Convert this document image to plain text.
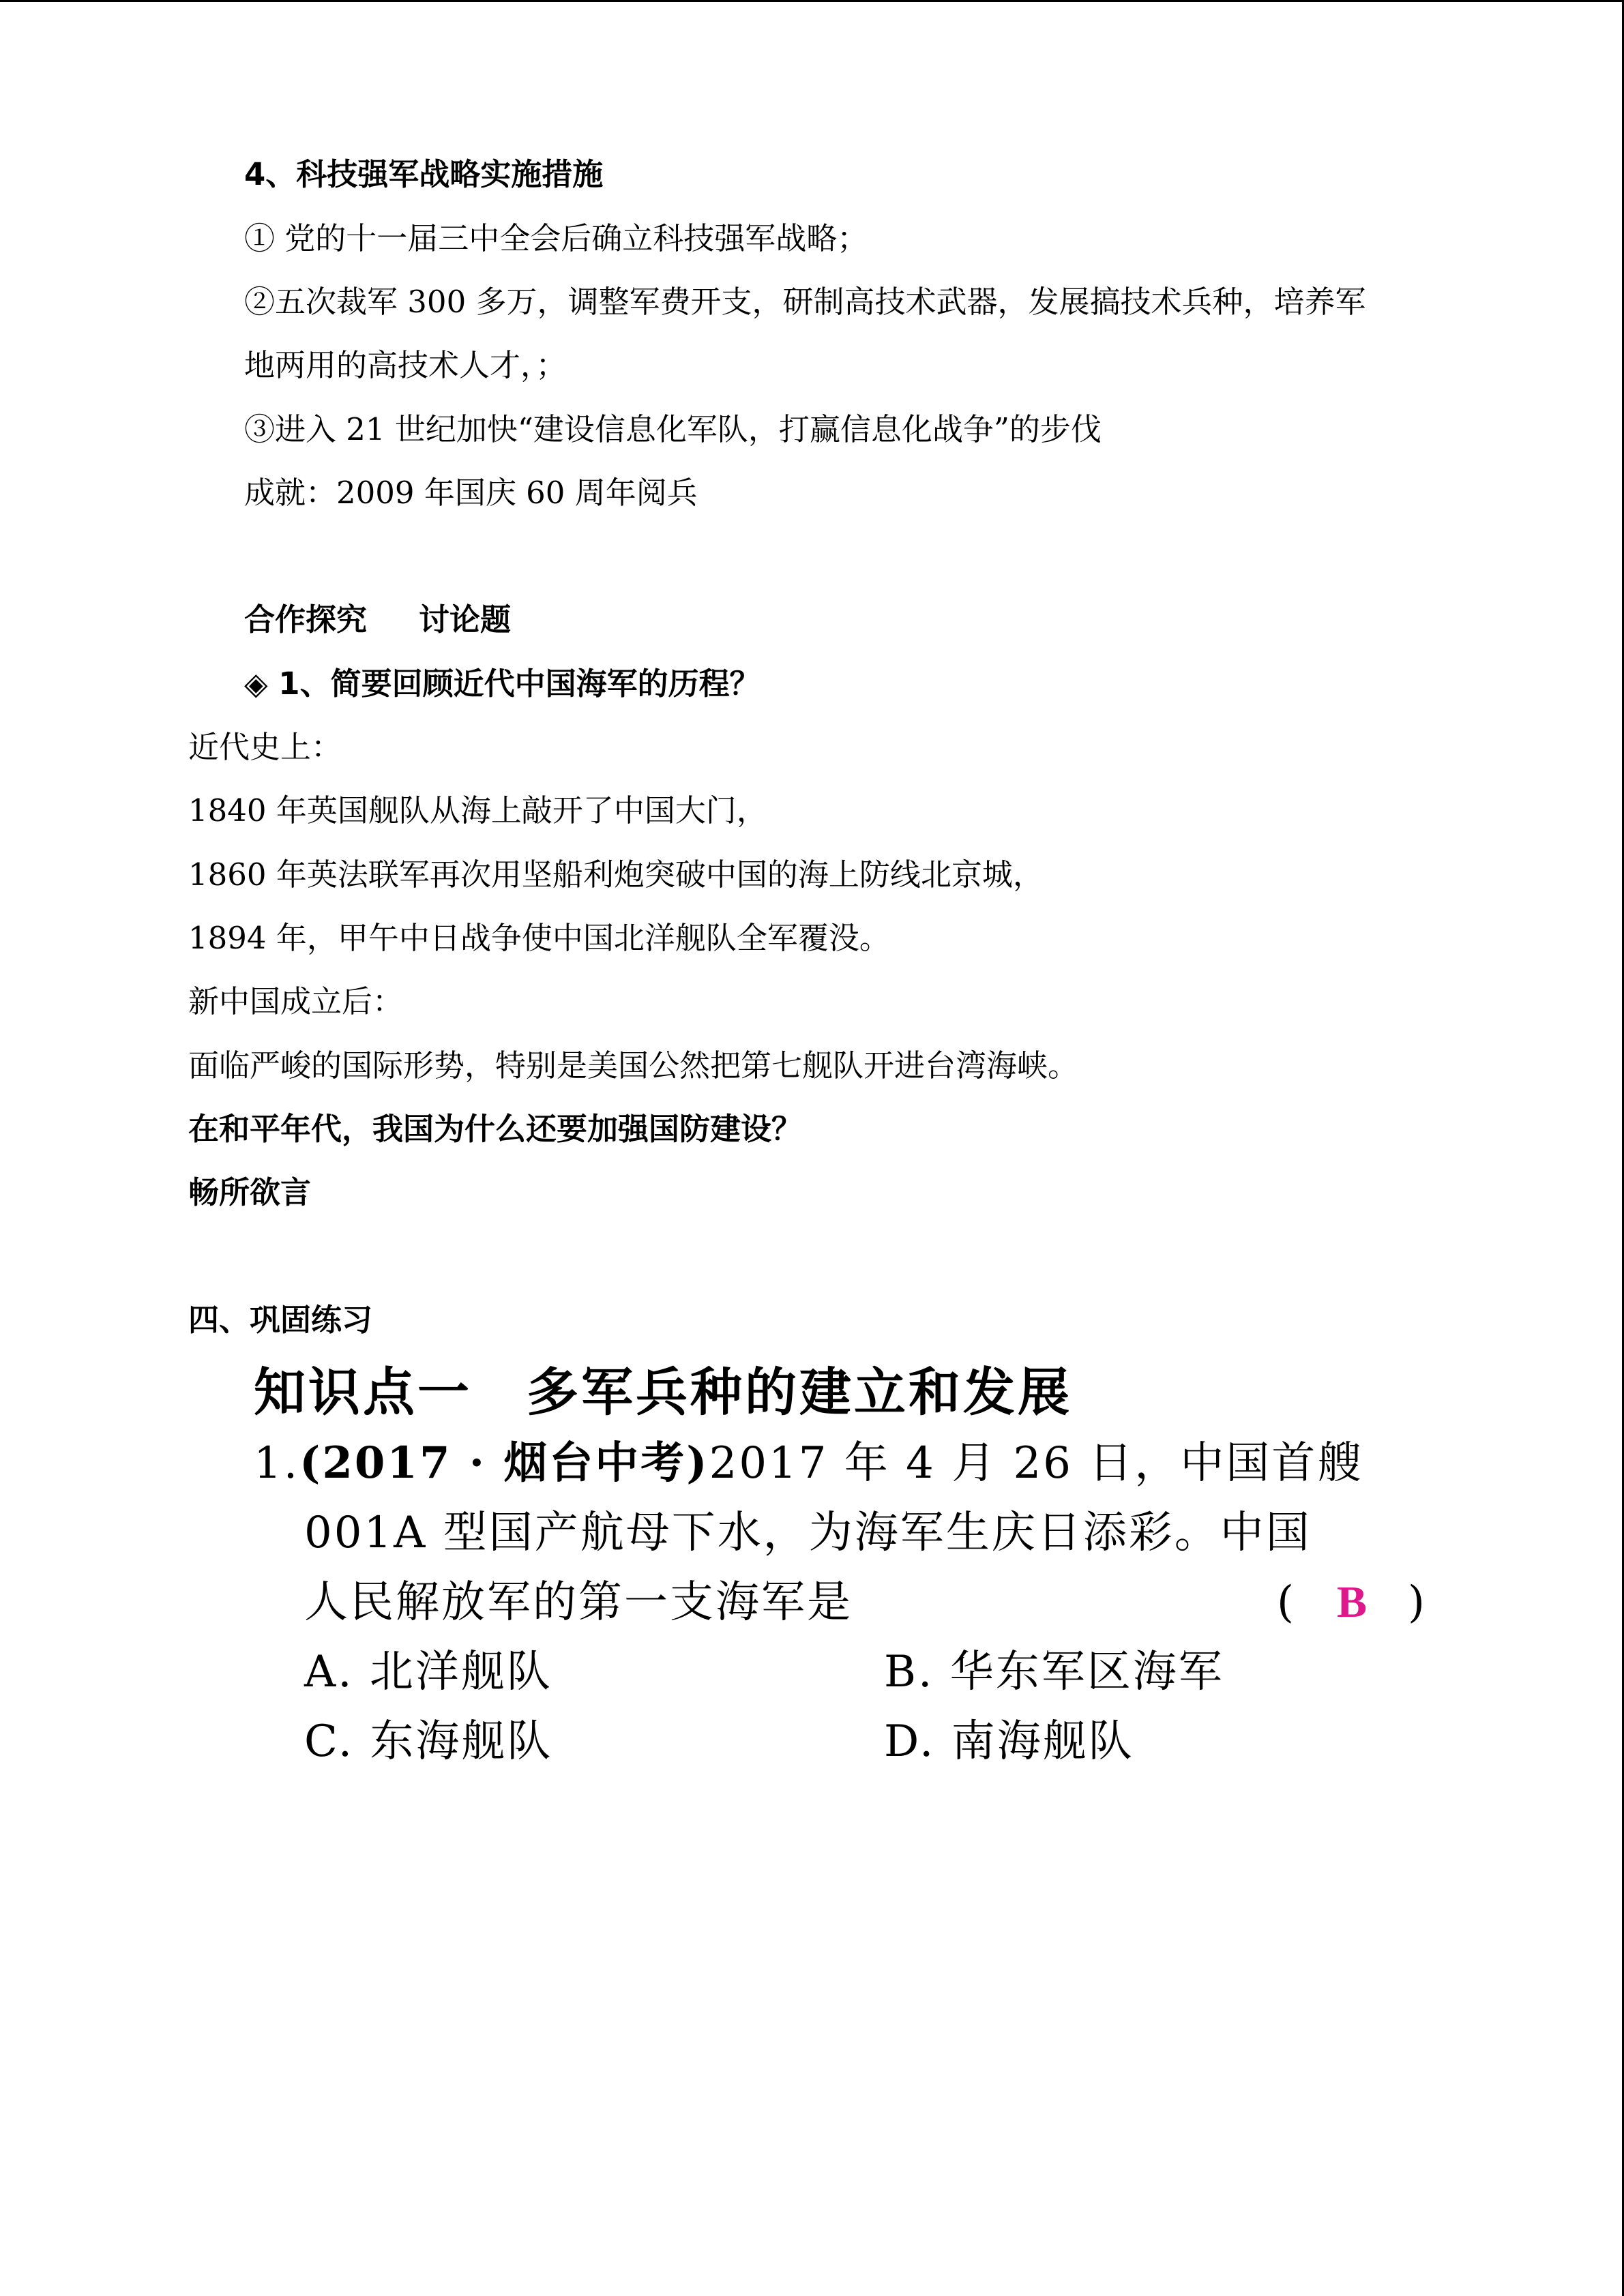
4、科技强军战略实施措施
① 党的十一届三中全会后确立科技强军战略；
②五次裁军 300 多万，调整军费开支，研制高技术武器，发展搞技术兵种，培养军
地两用的高技术人才，；
③进入 21 世纪加快“建设信息化军队，打赢信息化战争”的步伐
成就：2009 年国庆 60 周年阅兵
合作探究 讨论题
◈ 1、简要回顾近代中国海军的历程？
近代史上：
1840 年英国舰队从海上敲开了中国大门，
1860 年英法联军再次用坚船利炮突破中国的海上防线北京城，
1894 年，甲午中日战争使中国北洋舰队全军覆没。
新中国成立后：
面临严峻的国际形势，特别是美国公然把第七舰队开进台湾海峡。
在和平年代，我国为什么还要加强国防建设？
畅所欲言
四、巩固练习
知识点一 多军兵种的建立和发展
1.(2017 · 烟台中考)2017 年 4 月 26 日，中国首艘
001A 型国产航母下水，为海军生庆日添彩。中国
人民解放军的第一支海军是	( B )
A. 北洋舰队	B. 华东军区海军
C. 东海舰队	D. 南海舰队
